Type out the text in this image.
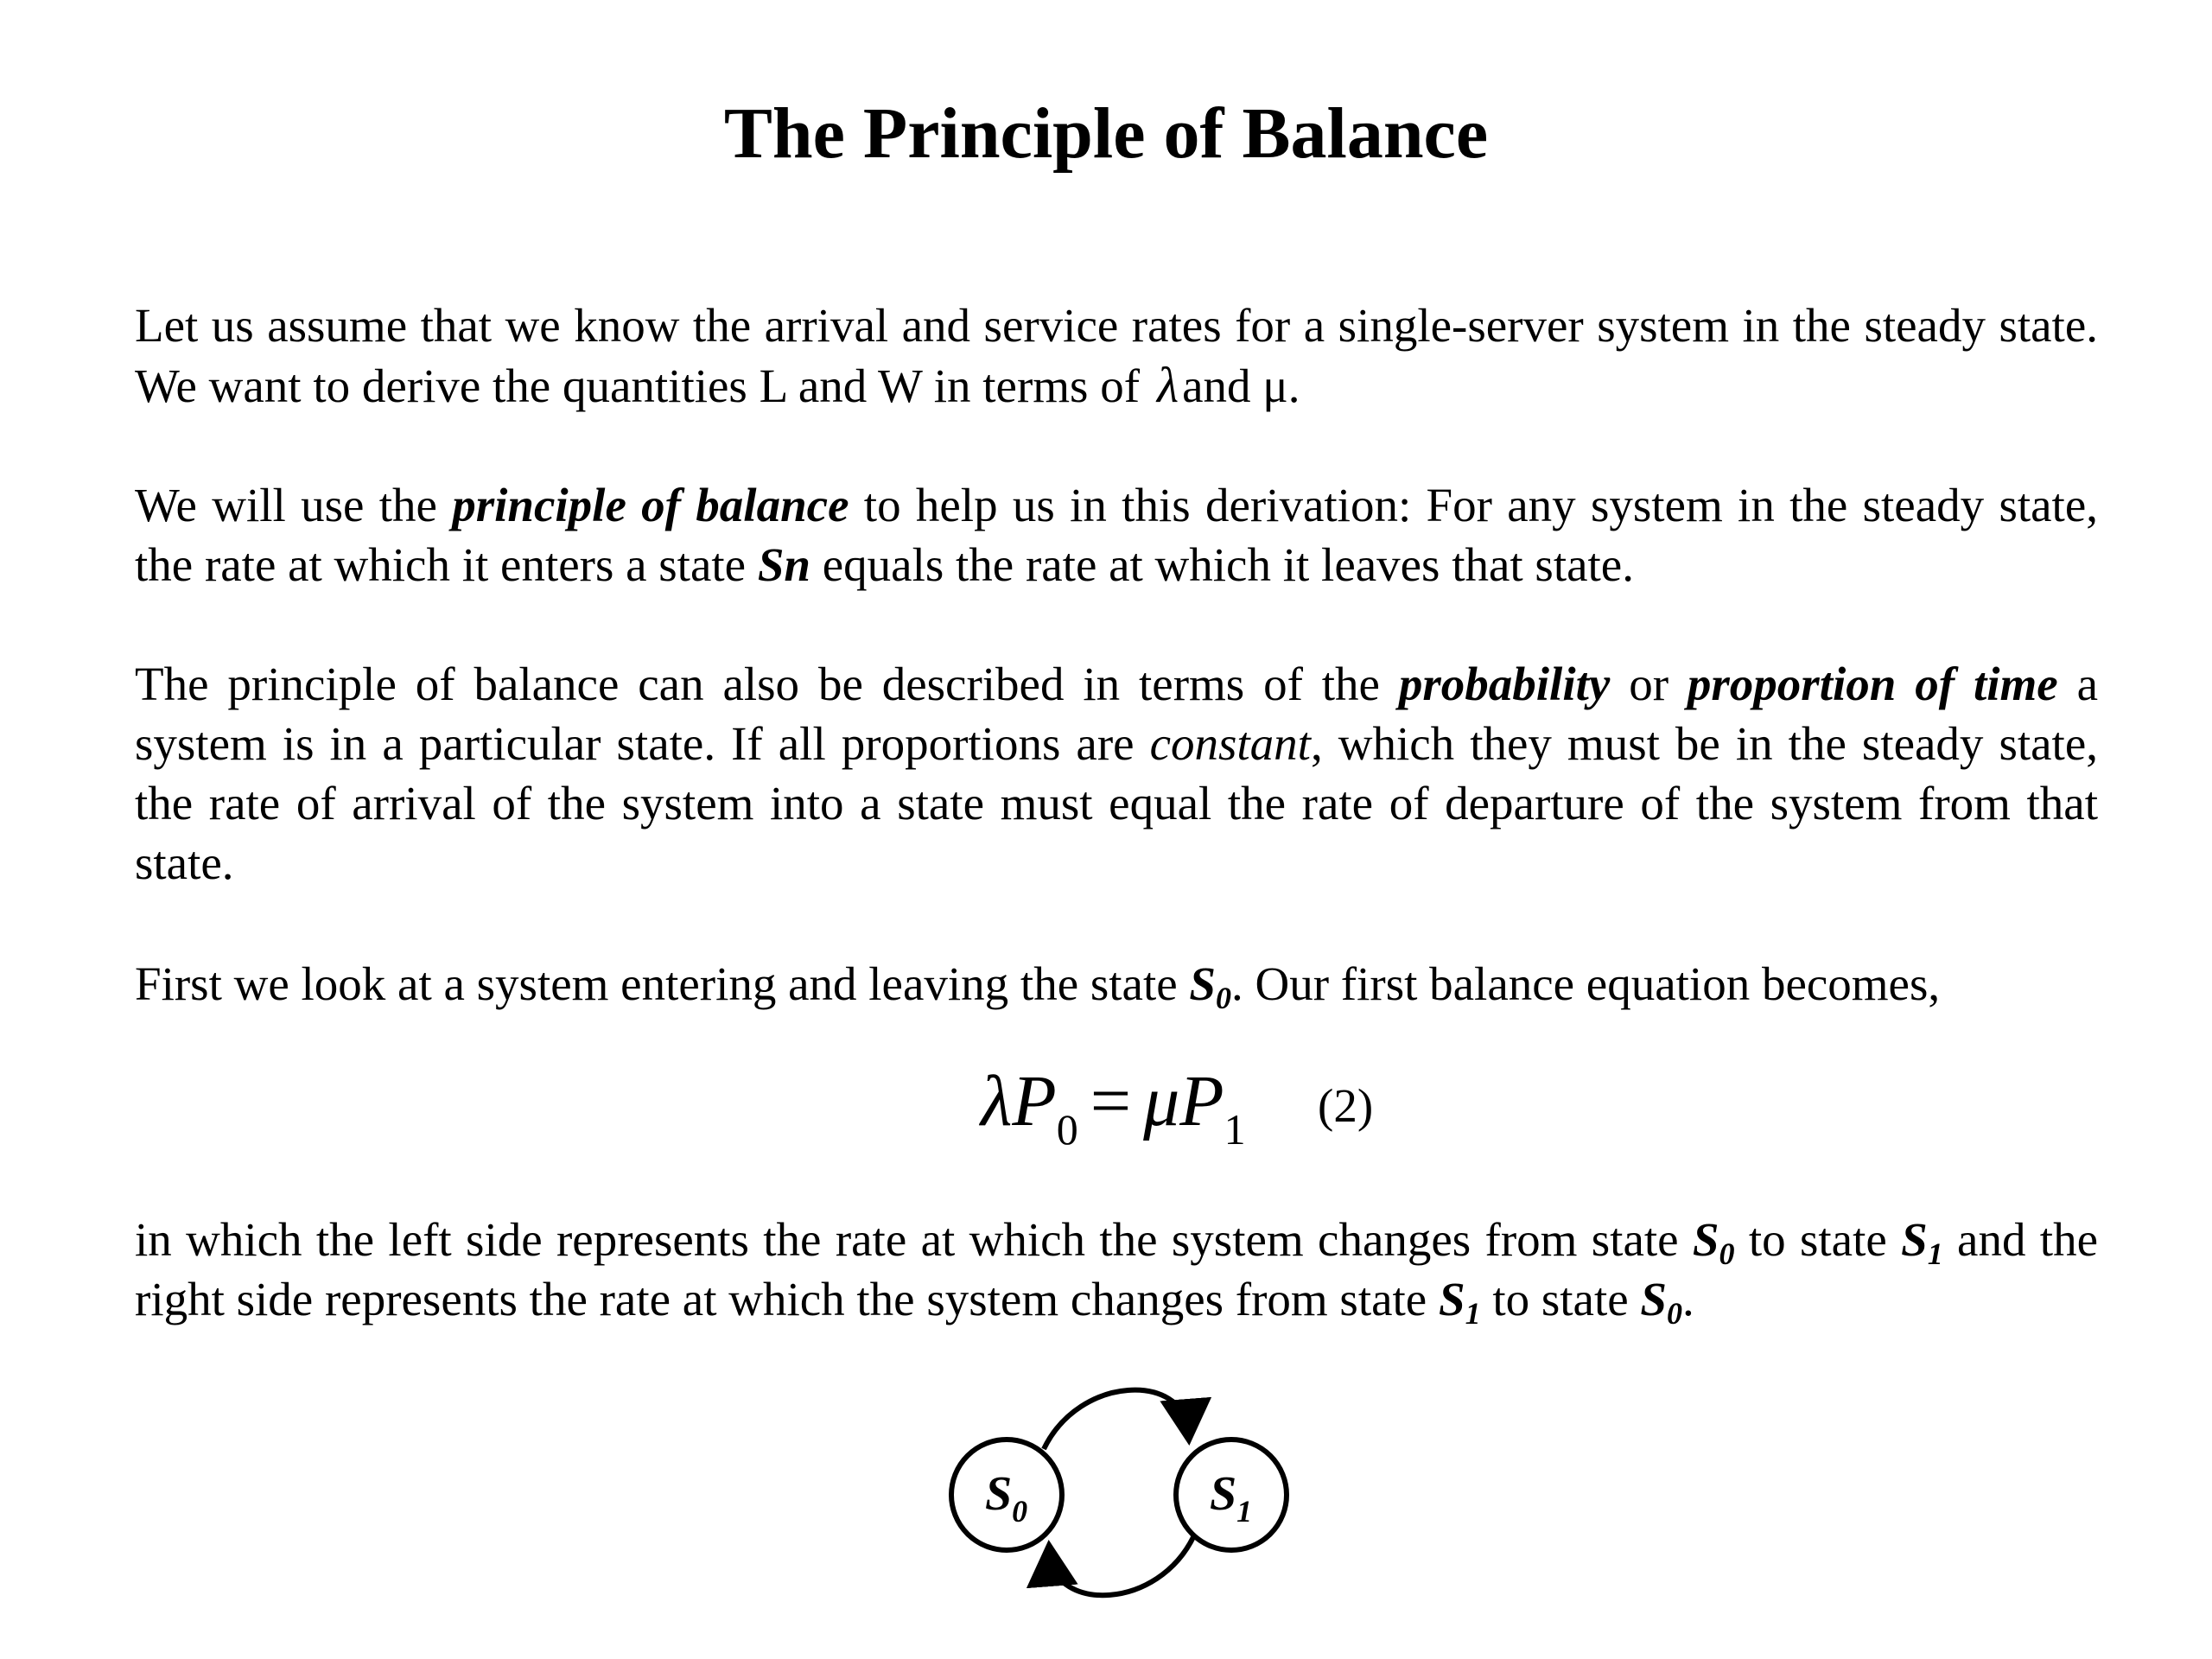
The Principle of Balance

Let us assume that we know the arrival and service rates for a single-server system in the steady state. We want to derive the quantities L and W in terms of λand μ.

We will use the principle of balance to help us in this derivation: For any system in the steady state, the rate at which it enters a state Sn equals the rate at which it leaves that state.

The principle of balance can also be described in terms of the probability or proportion of time a system is in a particular state. If all proportions are constant, which they must be in the steady state, the rate of arrival of the system into a state must equal the rate of departure of the system from that state.

First we look at a system entering and leaving the state $S_0$. Our first balance equation becomes,

$\lambda P_0 = \mu P_1$ (2)

in which the left side represents the rate at which the system changes from state $S_0$ to state $S_1$ and the right side represents the rate at which the system changes from state $S_1$ to state $S_0$.

$S_0$	$S_1$
